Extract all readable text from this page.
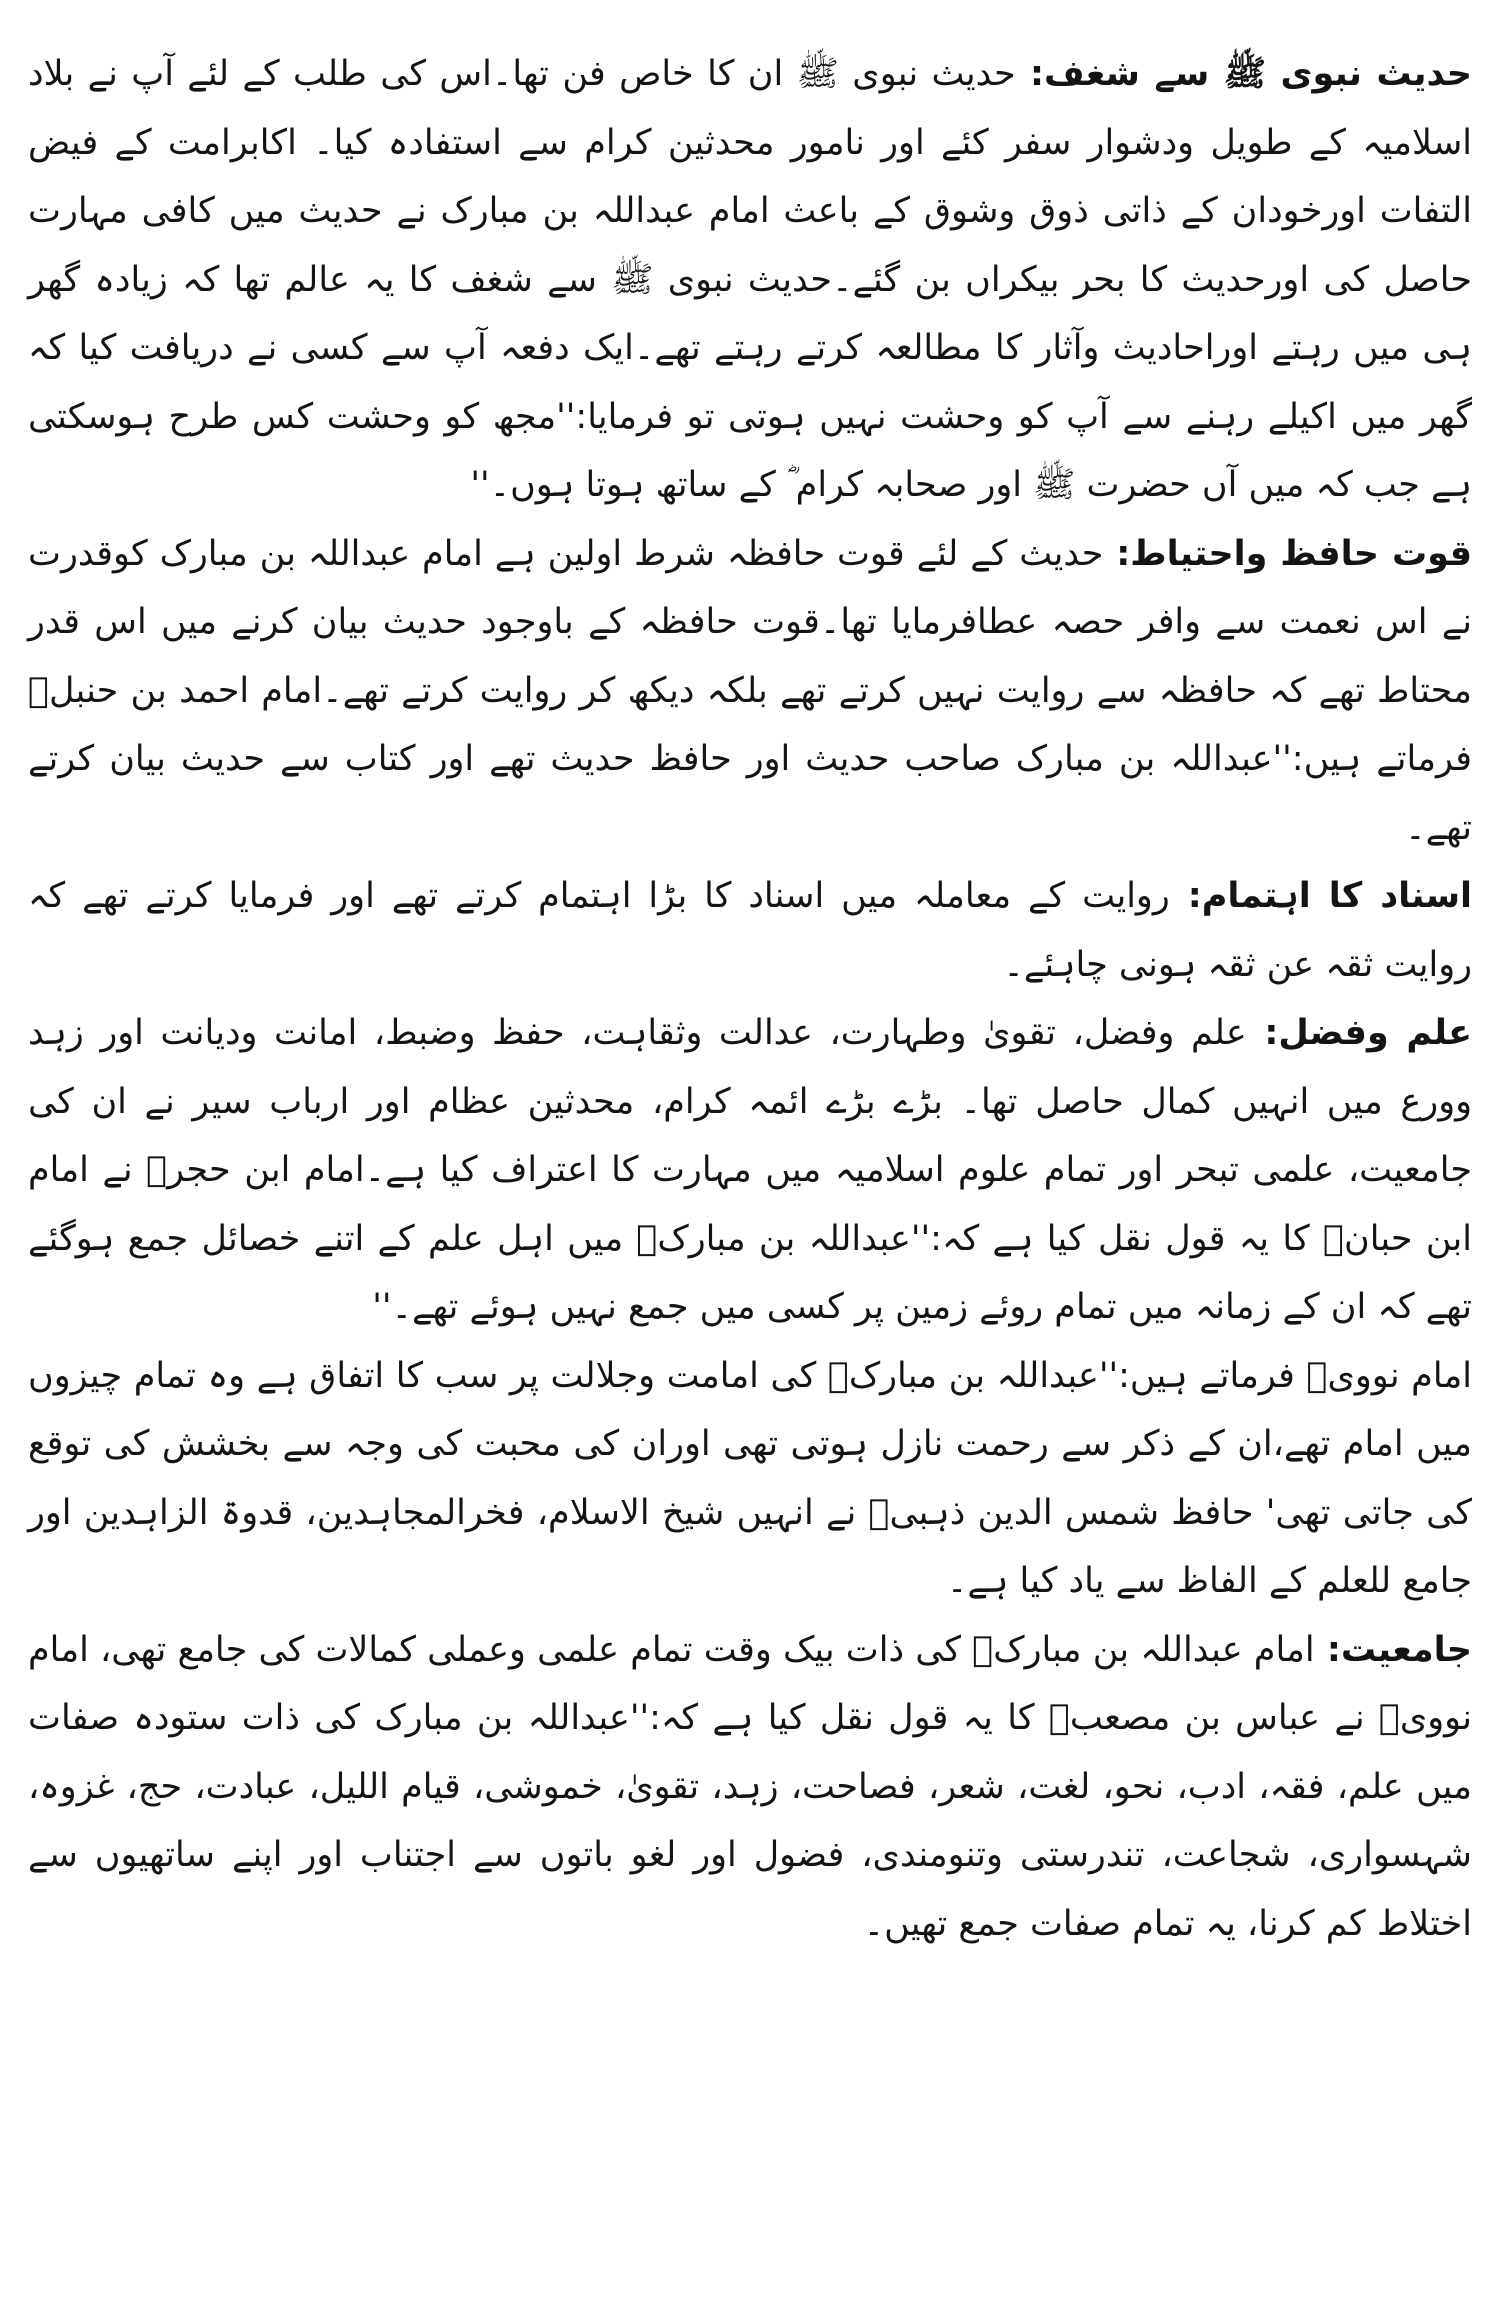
حدیث نبوی ﷺ سے شغف: حدیث نبوی ﷺ ان کا خاص فن تھا۔اس کی طلب کے لئے آپ نے بلاد اسلامیہ کے طویل ودشوار سفر کئے اور نامور محدثین کرام سے استفادہ کیا۔ اکابرامت کے فیض التفات اورخودان کے ذاتی ذوق وشوق کے باعث امام عبداللہ بن مبارک نے حدیث میں کافی مہارت حاصل کی اورحدیث کا بحر بیکراں بن گئے۔حدیث نبوی ﷺ سے شغف کا یہ عالم تھا کہ زیادہ گھر ہی میں رہتے اوراحادیث وآثار کا مطالعہ کرتے رہتے تھے۔ایک دفعہ آپ سے کسی نے دریافت کیا کہ گھر میں اکیلے رہنے سے آپ کو وحشت نہیں ہوتی تو فرمایا:''مجھ کو وحشت کس طرح ہوسکتی ہے جب کہ میں آں حضرت ﷺ اور صحابہ کرام ؓ کے ساتھ ہوتا ہوں۔''

قوت حافظ واحتیاط: حدیث کے لئے قوت حافظہ شرط اولین ہے امام عبداللہ بن مبارک کوقدرت نے اس نعمت سے وافر حصہ عطافرمایا تھا۔قوت حافظہ کے باوجود حدیث بیان کرنے میں اس قدر محتاط تھے کہ حافظہ سے روایت نہیں کرتے تھے بلکہ دیکھ کر روایت کرتے تھے۔امام احمد بن حنبلؒ فرماتے ہیں:''عبداللہ بن مبارک صاحب حدیث اور حافظ حدیث تھے اور کتاب سے حدیث بیان کرتے تھے۔

اسناد کا اہتمام: روایت کے معاملہ میں اسناد کا بڑا اہتمام کرتے تھے اور فرمایا کرتے تھے کہ روایت ثقہ عن ثقہ ہونی چاہئے۔

علم وفضل: علم وفضل، تقویٰ وطہارت، عدالت وثقاہت، حفظ وضبط، امانت ودیانت اور زہد وورع میں انہیں کمال حاصل تھا۔ بڑے بڑے ائمہ کرام، محدثین عظام اور ارباب سیر نے ان کی جامعیت، علمی تبحر اور تمام علوم اسلامیہ میں مہارت کا اعتراف کیا ہے۔امام ابن حجرؒ نے امام ابن حبانؒ کا یہ قول نقل کیا ہے کہ:''عبداللہ بن مبارکؒ میں اہل علم کے اتنے خصائل جمع ہوگئے تھے کہ ان کے زمانہ میں تمام روئے زمین پر کسی میں جمع نہیں ہوئے تھے۔''

امام نوویؒ فرماتے ہیں:''عبداللہ بن مبارکؒ کی امامت وجلالت پر سب کا اتفاق ہے وہ تمام چیزوں میں امام تھے،ان کے ذکر سے رحمت نازل ہوتی تھی اوران کی محبت کی وجہ سے بخشش کی توقع کی جاتی تھی' حافظ شمس الدین ذہبیؒ نے انہیں شیخ الاسلام، فخرالمجاہدین، قدوۃ الزاہدین اور جامع للعلم کے الفاظ سے یاد کیا ہے۔

جامعیت: امام عبداللہ بن مبارکؒ کی ذات بیک وقت تمام علمی وعملی کمالات کی جامع تھی، امام نوویؒ نے عباس بن مصعبؒ کا یہ قول نقل کیا ہے کہ:''عبداللہ بن مبارک کی ذات ستودہ صفات میں علم، فقہ، ادب، نحو، لغت، شعر، فصاحت، زہد، تقویٰ، خموشی، قیام اللیل، عبادت، حج، غزوہ، شہسواری، شجاعت، تندرستی وتنومندی، فضول اور لغو باتوں سے اجتناب اور اپنے ساتھیوں سے اختلاط کم کرنا، یہ تمام صفات جمع تھیں۔
